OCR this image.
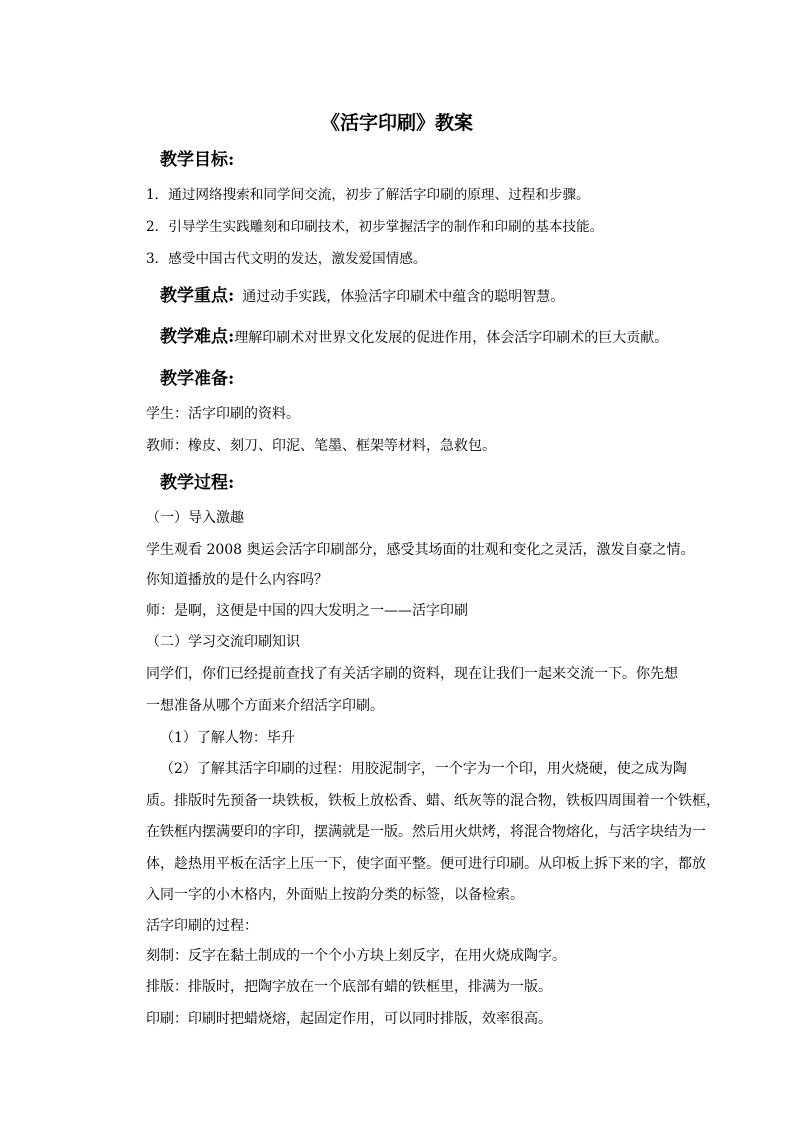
《活字印刷》教案
教学目标:
1．通过网络搜索和同学间交流，初步了解活字印刷的原理、过程和步骤。
2．引导学生实践雕刻和印刷技术，初步掌握活字的制作和印刷的基本技能。
3．感受中国古代文明的发达，激发爱国情感。
教学重点: 通过动手实践，体验活字印刷术中蕴含的聪明智慧。
教学难点:理解印刷术对世界文化发展的促进作用，体会活字印刷术的巨大贡献。
教学准备:
学生：活字印刷的资料。
教师：橡皮、刻刀、印泥、笔墨、框架等材料，急救包。
教学过程:
（一）导入激趣
学生观看 2008 奥运会活字印刷部分，感受其场面的壮观和变化之灵活，激发自豪之情。
你知道播放的是什么内容吗？
师：是啊，这便是中国的四大发明之一——活字印刷
（二）学习交流印刷知识
同学们，你们已经提前查找了有关活字刷的资料，现在让我们一起来交流一下。你先想
一想准备从哪个方面来介绍活字印刷。
（1）了解人物：毕升
（2）了解其活字印刷的过程：用胶泥制字，一个字为一个印，用火烧硬，使之成为陶
质。排版时先预备一块铁板，铁板上放松香、蜡、纸灰等的混合物，铁板四周围着一个铁框，
在铁框内摆满要印的字印，摆满就是一版。然后用火烘烤，将混合物熔化，与活字块结为一
体，趁热用平板在活字上压一下，使字面平整。便可进行印刷。从印板上拆下来的字，都放
入同一字的小木格内，外面贴上按韵分类的标签，以备检索。
活字印刷的过程：
刻制：反字在黏土制成的一个个小方块上刻反字，在用火烧成陶字。
排版：排版时，把陶字放在一个底部有蜡的铁框里，排满为一版。
印刷：印刷时把蜡烧熔，起固定作用，可以同时排版，效率很高。
